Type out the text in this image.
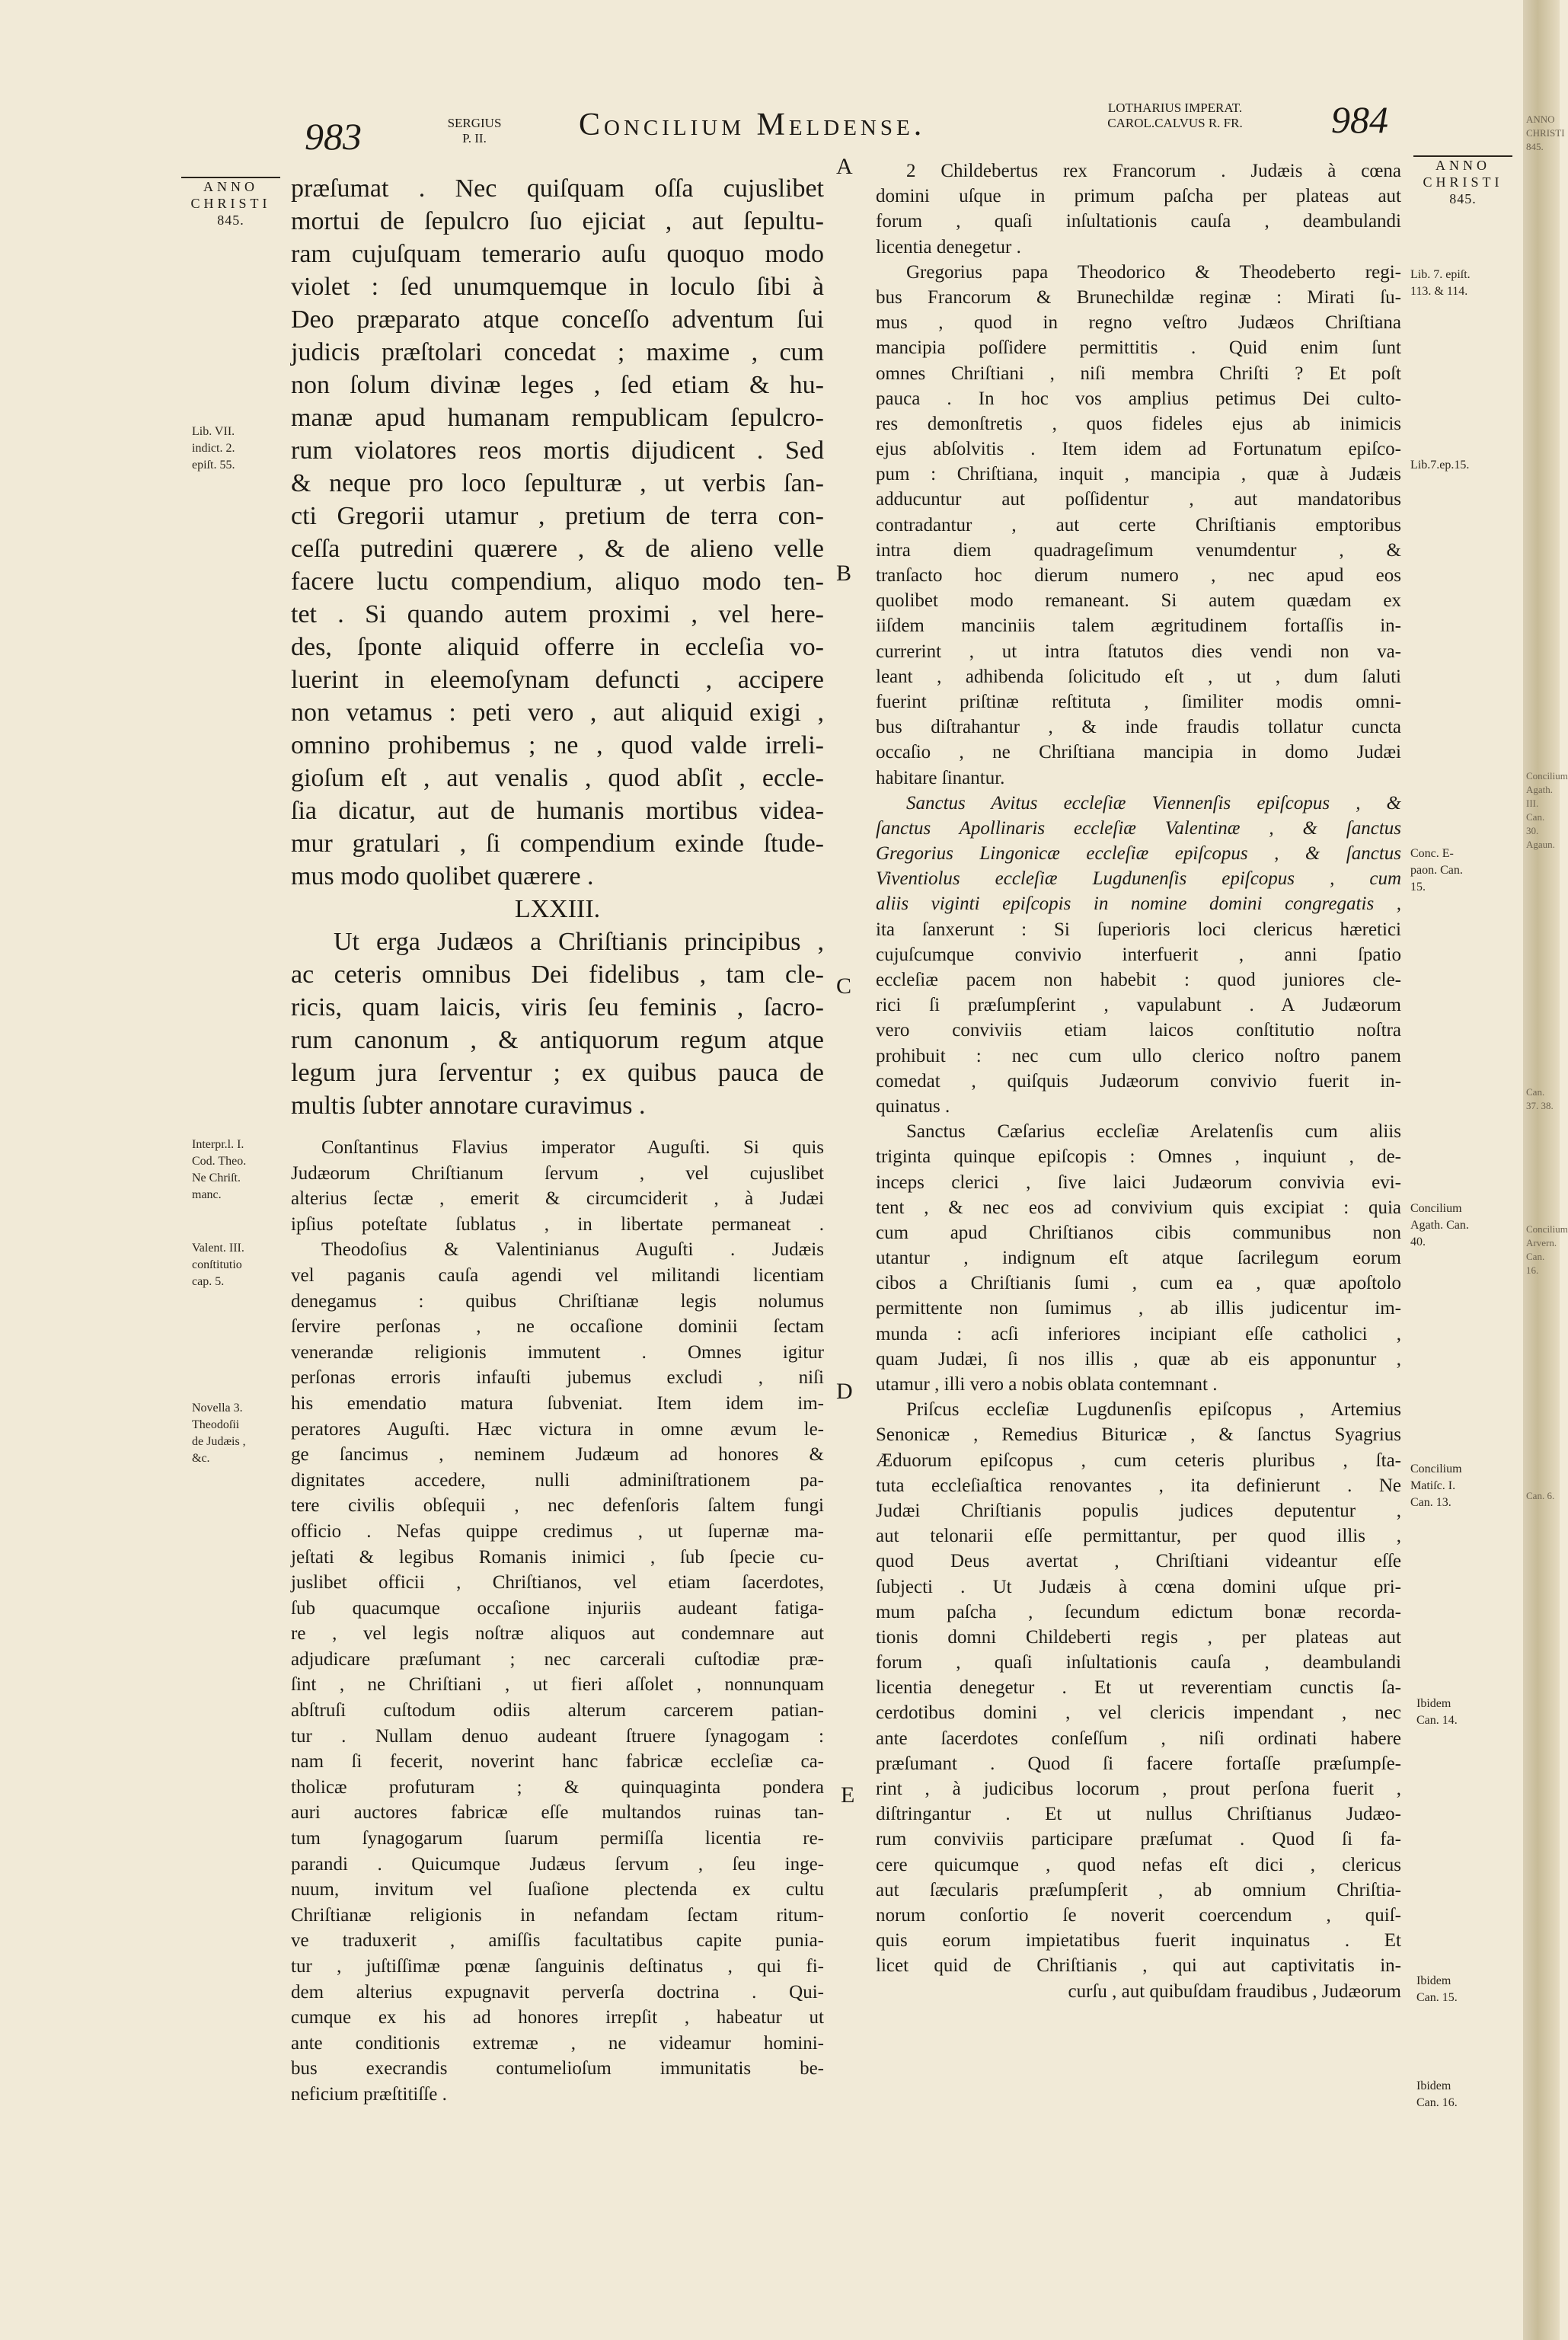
ANNO CHRISTI 845.
Concilium Agath. III. Can. 30. Agaun.
Can. 37. 38.
Concilium Arvern. Can. 16.
Can. 6.
983	SERGIUS
P. II.	Concilium Meldense.	LOTHARIUS IMPERAT.
CAROL.CALVUS R. FR.	984
ANNO
CHRISTI
845.
ANNO
CHRISTI
845.
A
B
C
D
E
Lib. VII.
indict. 2.
epiſt. 55.
Interpr.l. I.
Cod. Theo.
Ne Chriſt.
manc.
Valent. III.
conſtitutio
cap. 5.
Novella 3.
Theodoſii
de Judæis ,
&c.
Lib. 7. epiſt.
113. & 114.
Lib.7.ep.15.
Conc. E-
paon. Can.
15.
Concilium
Agath. Can.
40.
Concilium
Matiſc. I.
Can. 13.
Ibidem
Can. 14.
Ibidem
Can. 15.
Ibidem
Can. 16.
præſumat . Nec quiſquam oſſa cujuslibet
mortui de ſepulcro ſuo ejiciat , aut ſepultu-
ram cujuſquam temerario auſu quoquo modo
violet : ſed unumquemque in loculo ſibi à
Deo præparato atque conceſſo adventum ſui
judicis præſtolari concedat ; maxime , cum
non ſolum divinæ leges , ſed etiam & hu-
manæ apud humanam rempublicam ſepulcro-
rum violatores reos mortis dijudicent . Sed
& neque pro loco ſepulturæ , ut verbis ſan-
cti Gregorii utamur , pretium de terra con-
ceſſa putredini quærere , & de alieno velle
facere luctu compendium, aliquo modo ten-
tet . Si quando autem proximi , vel here-
des, ſponte aliquid offerre in eccleſia vo-
luerint in eleemoſynam defuncti , accipere
non vetamus : peti vero , aut aliquid exigi ,
omnino prohibemus ; ne , quod valde irreli-
gioſum eſt , aut venalis , quod abſit , eccle-
ſia dicatur, aut de humanis mortibus videa-
mur gratulari , ſi compendium exinde ſtude-
mus modo quolibet quærere .
LXXIII.
Ut erga Judæos a Chriſtianis principibus ,
ac ceteris omnibus Dei fidelibus , tam cle-
ricis, quam laicis, viris ſeu feminis , ſacro-
rum canonum , & antiquorum regum atque
legum jura ſerventur ; ex quibus pauca de
multis ſubter annotare curavimus .
Conſtantinus Flavius imperator Auguſti. Si quis
Judæorum Chriſtianum ſervum , vel cujuslibet
alterius ſectæ , emerit & circumciderit , à Judæi
ipſius poteſtate ſublatus , in libertate permaneat .
Theodoſius & Valentinianus Auguſti . Judæis
vel paganis cauſa agendi vel militandi licentiam
denegamus : quibus Chriſtianæ legis nolumus
ſervire perſonas , ne occaſione dominii ſectam
venerandæ religionis immutent . Omnes igitur
perſonas erroris infauſti jubemus excludi , niſi
his emendatio matura ſubveniat. Item idem im-
peratores Auguſti. Hæc victura in omne ævum le-
ge ſancimus , neminem Judæum ad honores &
dignitates accedere, nulli adminiſtrationem pa-
tere civilis obſequii , nec defenſoris ſaltem fungi
officio . Nefas quippe credimus , ut ſupernæ ma-
jeſtati & legibus Romanis inimici , ſub ſpecie cu-
juslibet officii , Chriſtianos, vel etiam ſacerdotes,
ſub quacumque occaſione injuriis audeant fatiga-
re , vel legis noſtræ aliquos aut condemnare aut
adjudicare præſumant ; nec carcerali cuſtodiæ præ-
ſint , ne Chriſtiani , ut fieri aſſolet , nonnunquam
abſtruſi cuſtodum odiis alterum carcerem patian-
tur . Nullam denuo audeant ſtruere ſynagogam :
nam ſi fecerit, noverint hanc fabricæ eccleſiæ ca-
tholicæ profuturam ; & quinquaginta pondera
auri auctores fabricæ eſſe multandos ruinas tan-
tum ſynagogarum ſuarum permiſſa licentia re-
parandi . Quicumque Judæus ſervum , ſeu inge-
nuum, invitum vel ſuaſione plectenda ex cultu
Chriſtianæ religionis in nefandam ſectam ritum-
ve traduxerit , amiſſis facultatibus capite punia-
tur , juſtiſſimæ pœnæ ſanguinis deſtinatus , qui fi-
dem alterius expugnavit perverſa doctrina . Qui-
cumque ex his ad honores irrepſit , habeatur ut
ante conditionis extremæ , ne videamur homini-
bus execrandis contumelioſum immunitatis be-
neficium præſtitiſſe .
2 Childebertus rex Francorum . Judæis à cœna
domini uſque in primum paſcha per plateas aut
forum , quaſi inſultationis cauſa , deambulandi
licentia denegetur .
Gregorius papa Theodorico & Theodeberto regi-
bus Francorum & Brunechildæ reginæ : Mirati ſu-
mus , quod in regno veſtro Judæos Chriſtiana
mancipia poſſidere permittitis . Quid enim ſunt
omnes Chriſtiani , niſi membra Chriſti ? Et poſt
pauca . In hoc vos amplius petimus Dei culto-
res demonſtretis , quos fideles ejus ab inimicis
ejus abſolvitis . Item idem ad Fortunatum epiſco-
pum : Chriſtiana, inquit , mancipia , quæ à Judæis
adducuntur aut poſſidentur , aut mandatoribus
contradantur , aut certe Chriſtianis emptoribus
intra diem quadrageſimum venumdentur , &
tranſacto hoc dierum numero , nec apud eos
quolibet modo remaneant. Si autem quædam ex
iiſdem manciniis talem ægritudinem fortaſſis in-
currerint , ut intra ſtatutos dies vendi non va-
leant , adhibenda ſolicitudo eſt , ut , dum ſaluti
fuerint priſtinæ reſtituta , ſimiliter modis omni-
bus diſtrahantur , & inde fraudis tollatur cuncta
occaſio , ne Chriſtiana mancipia in domo Judæi
habitare ſinantur.
Sanctus Avitus eccleſiæ Viennenſis epiſcopus , &
ſanctus Apollinaris eccleſiæ Valentinæ , & ſanctus
Gregorius Lingonicæ eccleſiæ epiſcopus , & ſanctus
Viventiolus eccleſiæ Lugdunenſis epiſcopus , cum
aliis viginti epiſcopis in nomine domini congregatis ,
ita ſanxerunt : Si ſuperioris loci clericus hæretici
cujuſcumque convivio interfuerit , anni ſpatio
eccleſiæ pacem non habebit : quod juniores cle-
rici ſi præſumpſerint , vapulabunt . A Judæorum
vero conviviis etiam laicos conſtitutio noſtra
prohibuit : nec cum ullo clerico noſtro panem
comedat , quiſquis Judæorum convivio fuerit in-
quinatus .
Sanctus Cæſarius eccleſiæ Arelatenſis cum aliis
triginta quinque epiſcopis : Omnes , inquiunt , de-
inceps clerici , ſive laici Judæorum convivia evi-
tent , & nec eos ad convivium quis excipiat : quia
cum apud Chriſtianos cibis communibus non
utantur , indignum eſt atque ſacrilegum eorum
cibos a Chriſtianis ſumi , cum ea , quæ apoſtolo
permittente non ſumimus , ab illis judicentur im-
munda : acſi inferiores incipiant eſſe catholici ,
quam Judæi, ſi nos illis , quæ ab eis apponuntur ,
utamur , illi vero a nobis oblata contemnant .
Priſcus eccleſiæ Lugdunenſis epiſcopus , Artemius
Senonicæ , Remedius Bituricæ , & ſanctus Syagrius
Æduorum epiſcopus , cum ceteris pluribus , ſta-
tuta eccleſiaſtica renovantes , ita definierunt . Ne
Judæi Chriſtianis populis judices deputentur ,
aut telonarii eſſe permittantur, per quod illis ,
quod Deus avertat , Chriſtiani videantur eſſe
ſubjecti . Ut Judæis à cœna domini uſque pri-
mum paſcha , ſecundum edictum bonæ recorda-
tionis domni Childeberti regis , per plateas aut
forum , quaſi inſultationis cauſa , deambulandi
licentia denegetur . Et ut reverentiam cunctis ſa-
cerdotibus domini , vel clericis impendant , nec
ante ſacerdotes conſeſſum , niſi ordinati habere
præſumant . Quod ſi facere fortaſſe præſumpſe-
rint , à judicibus locorum , prout perſona fuerit ,
diſtringantur . Et ut nullus Chriſtianus Judæo-
rum conviviis participare præſumat . Quod ſi fa-
cere quicumque , quod nefas eſt dici , clericus
aut ſæcularis præſumpſerit , ab omnium Chriſtia-
norum conſortio ſe noverit coercendum , quiſ-
quis eorum impietatibus fuerit inquinatus . Et
licet quid de Chriſtianis , qui aut captivitatis in-
curſu , aut quibuſdam fraudibus , Judæorum
